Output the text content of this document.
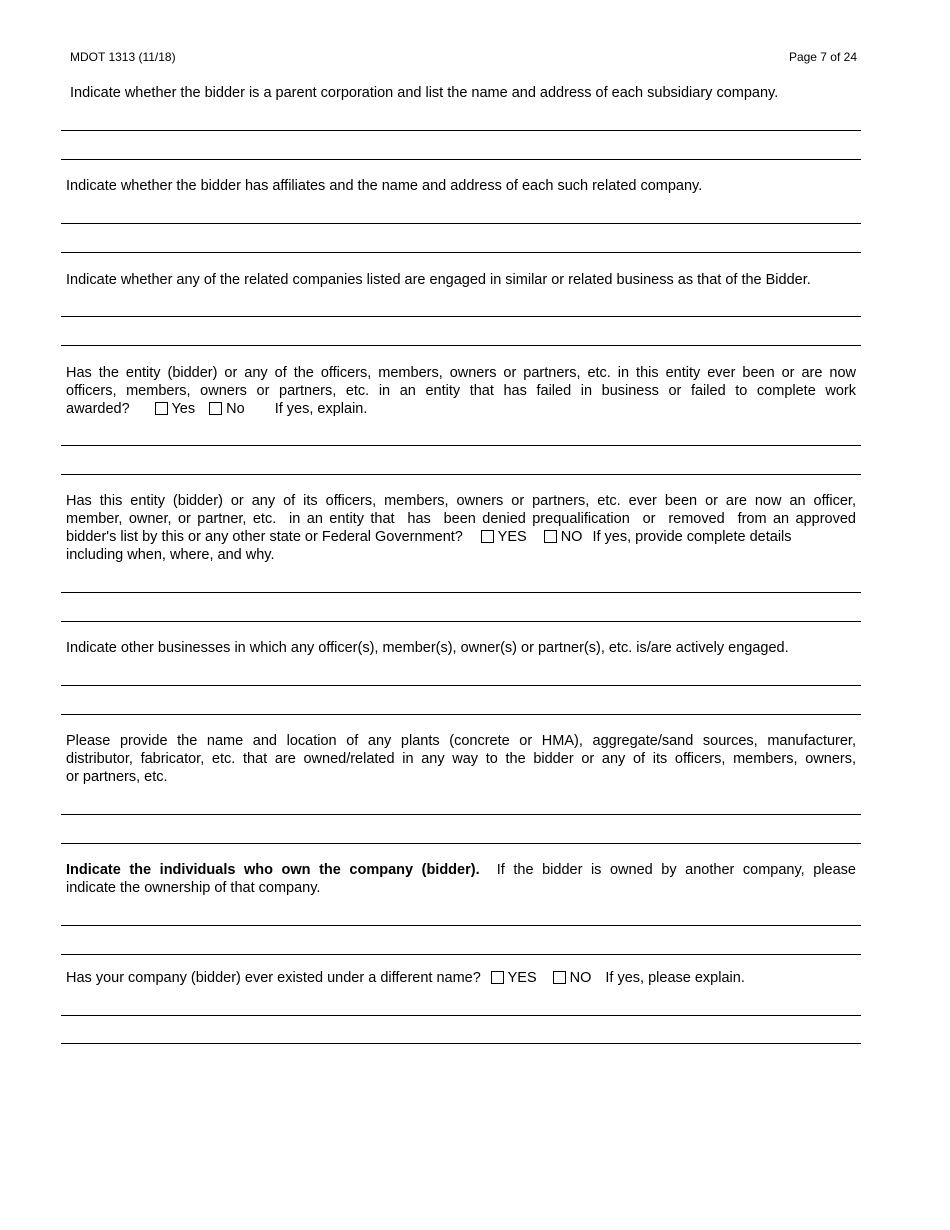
MDOT 1313 (11/18)	Page 7 of 24
Indicate whether the bidder is a parent corporation and list the name and address of each subsidiary company.
Indicate whether the bidder has affiliates and the name and address of each such related company.
Indicate whether any of the related companies listed are engaged in similar or related business as that of the Bidder.
Has the entity (bidder) or any of the officers, members, owners or partners, etc. in this entity ever been or are now
officers, members, owners or partners, etc. in an entity that has failed in business or failed to complete work
awarded?	Yes No If yes, explain.
Has this entity (bidder) or any of its officers, members, owners or partners, etc. ever been or are now an officer,
member, owner, or partner, etc.  in an entity that  has  been denied prequalification  or  removed  from an approved
bidder's list by this or any other state or Federal Government? YES NO If yes, provide complete details
including when, where, and why.
Indicate other businesses in which any officer(s), member(s), owner(s) or partner(s), etc. is/are actively engaged.
Please provide the name and location of any plants (concrete or HMA), aggregate/sand sources, manufacturer,
distributor, fabricator, etc. that are owned/related in any way to the bidder or any of its officers, members, owners,
or partners, etc.
Indicate the individuals who own the company (bidder). If the bidder is owned by another company, please
indicate the ownership of that company.
Has your company (bidder) ever existed under a different name? YES NO If yes, please explain.
